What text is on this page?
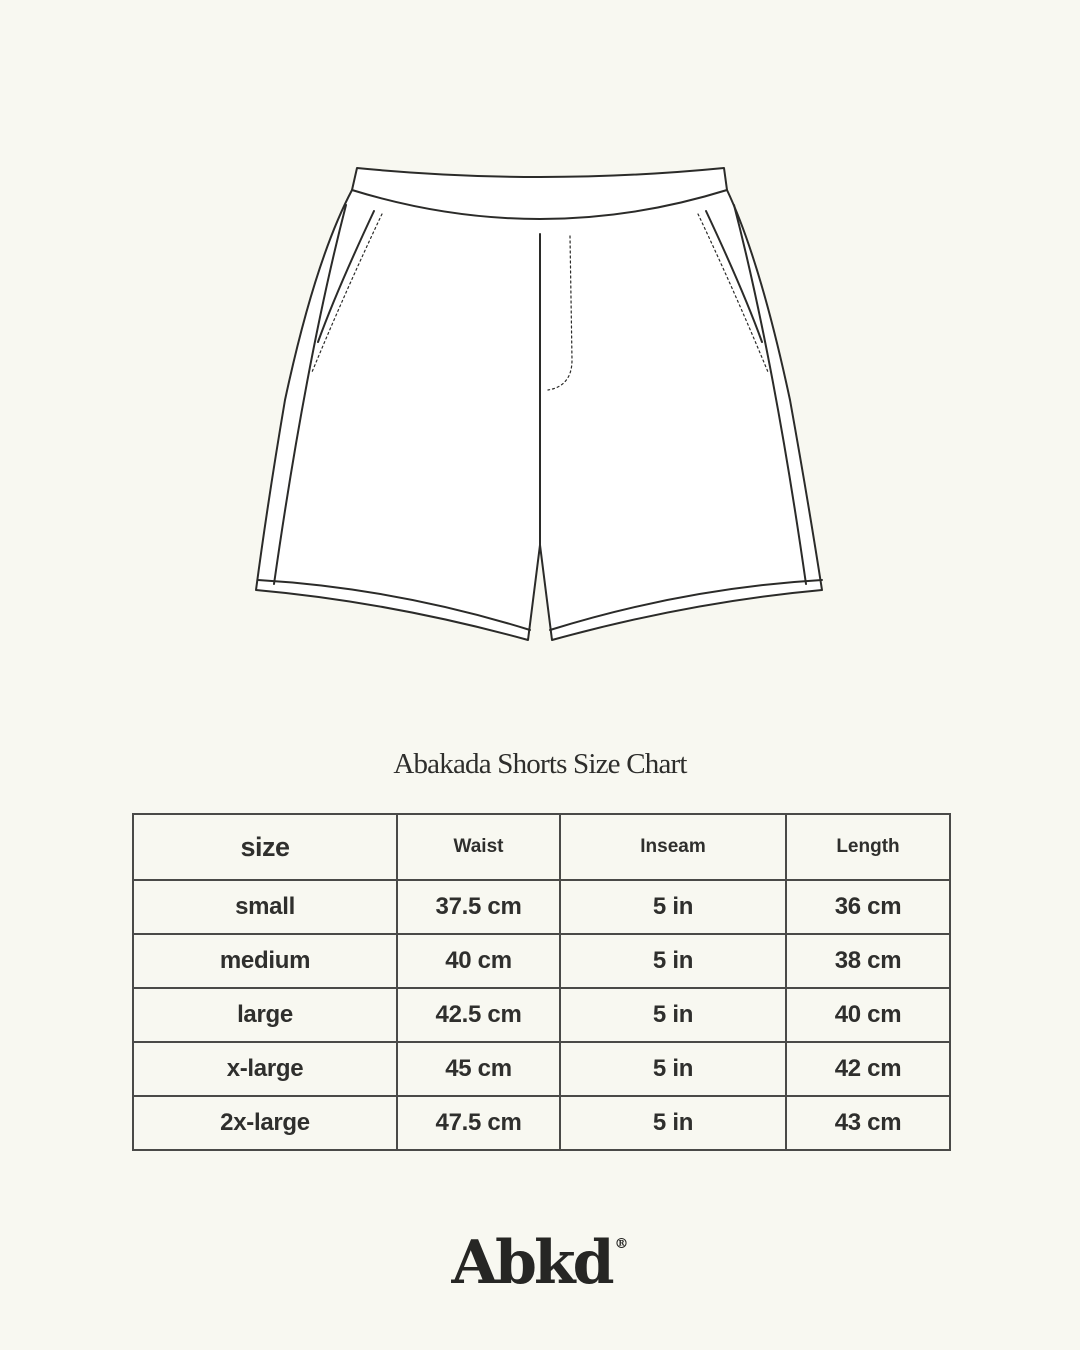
Abakada Shorts Size Chart
size	Waist	Inseam	Length
small	37.5 cm	5 in	36 cm
medium	40 cm	5 in	38 cm
large	42.5 cm	5 in	40 cm
x-large	45 cm	5 in	42 cm
2x-large	47.5 cm	5 in	43 cm
Abkd ®
